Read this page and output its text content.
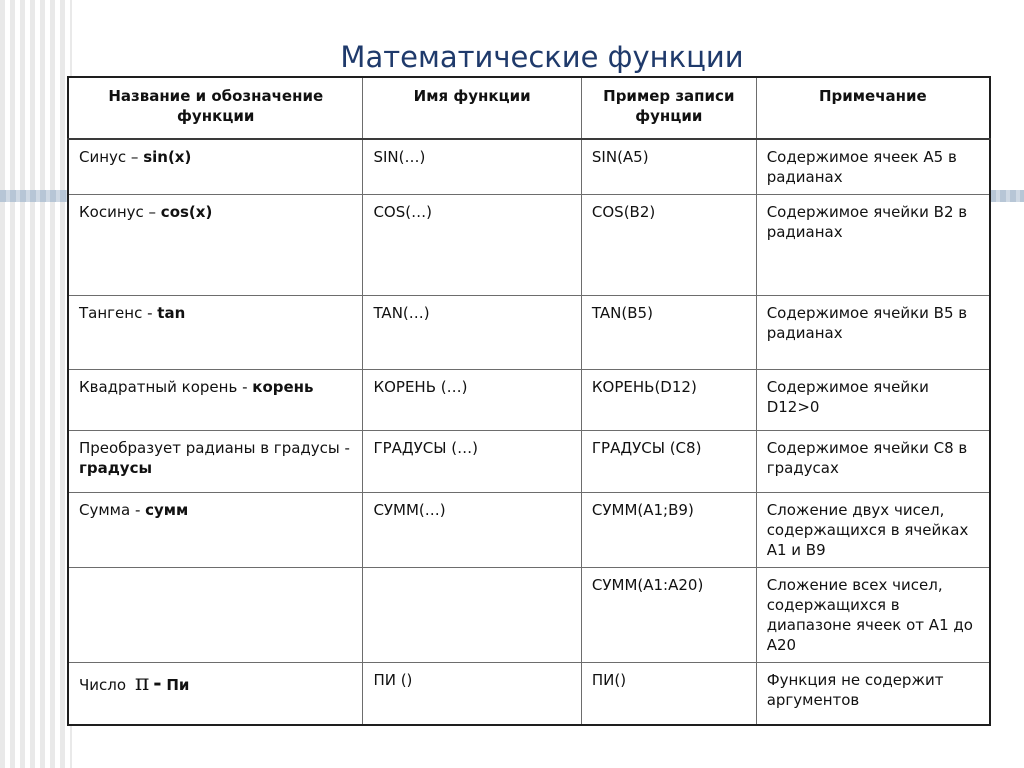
Математические функции
Название и обозначение функции	Имя функции	Пример записи фунции	Примечание
Синус – sin(x)	SIN(…)	SIN(A5)	Содержимое ячеек А5 в радианах
Косинус – cos(x)	COS(…)	COS(B2)	Содержимое ячейки B2 в радианах
Тангенс - tan	TAN(…)	TAN(B5)	Содержимое ячейки B5 в радианах
Квадратный корень - корень	КОРЕНЬ (…)	КОРЕНЬ(D12)	Содержимое ячейки D12>0
Преобразует радианы в градусы - градусы	ГРАДУСЫ (…)	ГРАДУСЫ (С8)	Содержимое ячейки С8 в градусах
Сумма - сумм	СУММ(…)	СУММ(А1;В9)	Сложение двух чисел, содержащихся в ячейках А1 и В9
		СУММ(А1:А20)	Сложение всех чисел, содержащихся в диапазоне ячеек от А1 до А20
Число π - Пи	ПИ ()	ПИ()	Функция не содержит аргументов
